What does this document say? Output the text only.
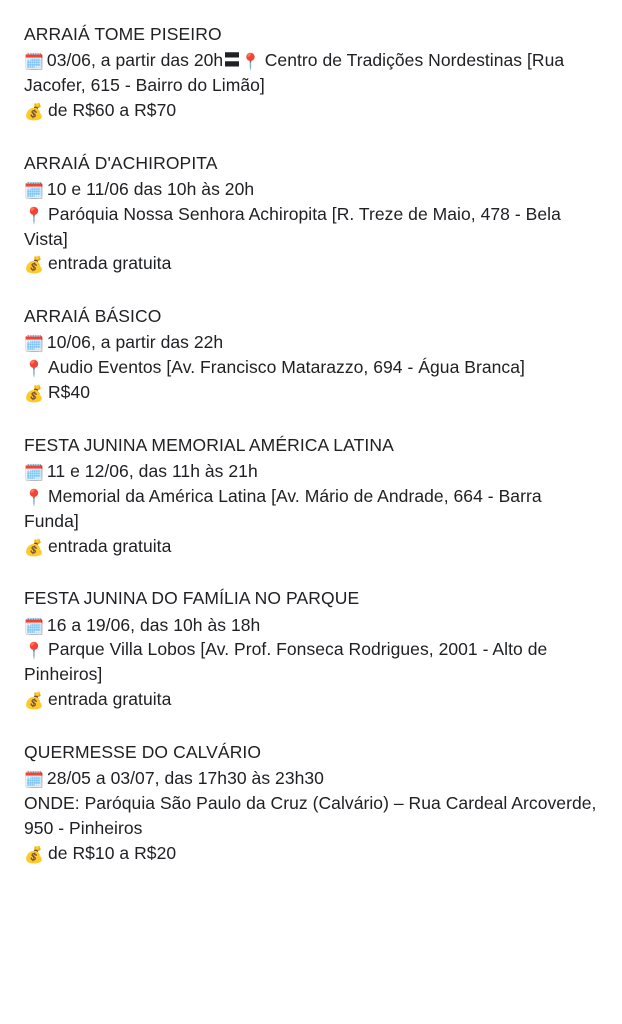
ARRAIÁ TOME PISEIRO

🗓️ 03/06, a partir das 20h〓📍 Centro de Tradições Nordestinas [Rua Jacofer, 615 - Bairro do Limão]

💰 de R$60 a R$70

ARRAIÁ D'ACHIROPITA

🗓️ 10 e 11/06 das 10h às 20h

📍 Paróquia Nossa Senhora Achiropita [R. Treze de Maio, 478 - Bela Vista]

💰 entrada gratuita

ARRAIÁ BÁSICO

🗓️ 10/06, a partir das 22h

📍 Audio Eventos [Av. Francisco Matarazzo, 694 - Água Branca]

💰 R$40

FESTA JUNINA MEMORIAL AMÉRICA LATINA

🗓️ 11 e 12/06, das 11h às 21h

📍 Memorial da América Latina [Av. Mário de Andrade, 664 - Barra Funda]

💰 entrada gratuita

FESTA JUNINA DO FAMÍLIA NO PARQUE

🗓️ 16 a 19/06, das 10h às 18h

📍 Parque Villa Lobos [Av. Prof. Fonseca Rodrigues, 2001 - Alto de Pinheiros]

💰 entrada gratuita

QUERMESSE DO CALVÁRIO

🗓️ 28/05 a 03/07, das 17h30 às 23h30

ONDE: Paróquia São Paulo da Cruz (Calvário) – Rua Cardeal Arcoverde, 950 - Pinheiros

💰 de R$10 a R$20
